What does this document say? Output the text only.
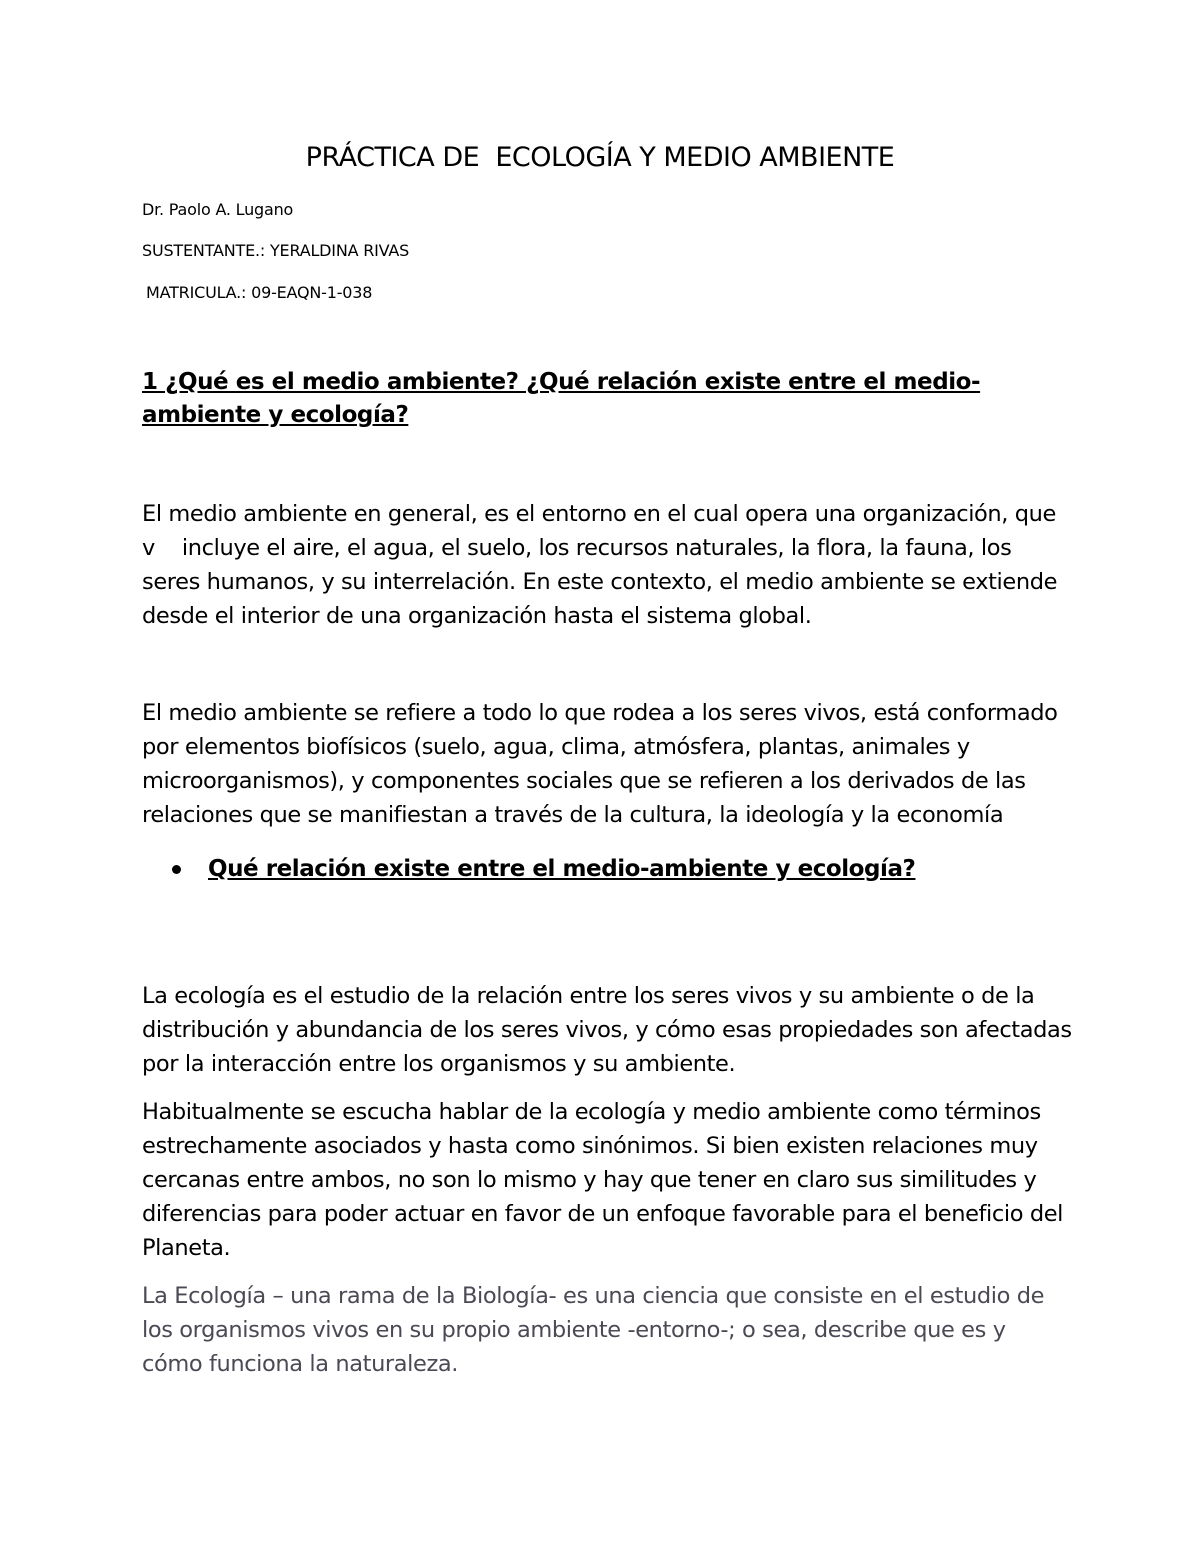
PRÁCTICA DE  ECOLOGÍA Y MEDIO AMBIENTE
Dr. Paolo A. Lugano
SUSTENTANTE.: YERALDINA RIVAS
MATRICULA.: 09-EAQN-1-038
1 ¿Qué es el medio ambiente? ¿Qué relación existe entre el medio-ambiente y ecología?
El medio ambiente en general, es el entorno en el cual opera una organización, que v    incluye el aire, el agua, el suelo, los recursos naturales, la flora, la fauna, los seres humanos, y su interrelación. En este contexto, el medio ambiente se extiende desde el interior de una organización hasta el sistema global.
El medio ambiente se refiere a todo lo que rodea a los seres vivos, está conformado por elementos biofísicos (suelo, agua, clima, atmósfera, plantas, animales y microorganismos), y componentes sociales que se refieren a los derivados de las relaciones que se manifiestan a través de la cultura, la ideología y la economía
Qué relación existe entre el medio-ambiente y ecología?
La ecología es el estudio de la relación entre los seres vivos y su ambiente o de la distribución y abundancia de los seres vivos, y cómo esas propiedades son afectadas por la interacción entre los organismos y su ambiente.
Habitualmente se escucha hablar de la ecología y medio ambiente como términos estrechamente asociados y hasta como sinónimos. Si bien existen relaciones muy cercanas entre ambos, no son lo mismo y hay que tener en claro sus similitudes y diferencias para poder actuar en favor de un enfoque favorable para el beneficio del Planeta.
La Ecología – una rama de la Biología- es una ciencia que consiste en el estudio de los organismos vivos en su propio ambiente -entorno-; o sea, describe que es y cómo funciona la naturaleza.
